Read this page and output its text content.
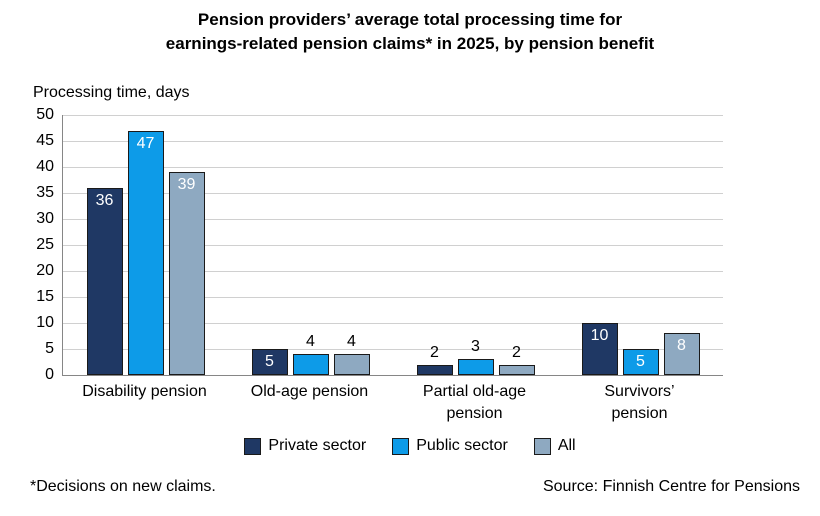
Pension providers’ average total processing time for
earnings-related pension claims* in 2025, by pension benefit
Processing time, days
50
45
40
35
30
25
20
15
10
5
0
36
47
39
5
4	4
2	3	2
10
5
8
Disability pension	Old-age pension	Partial old-age
pension
Survivors’
pension
Private sector	Public sector	All
*Decisions on new claims.	Source: Finnish Centre for Pensions
